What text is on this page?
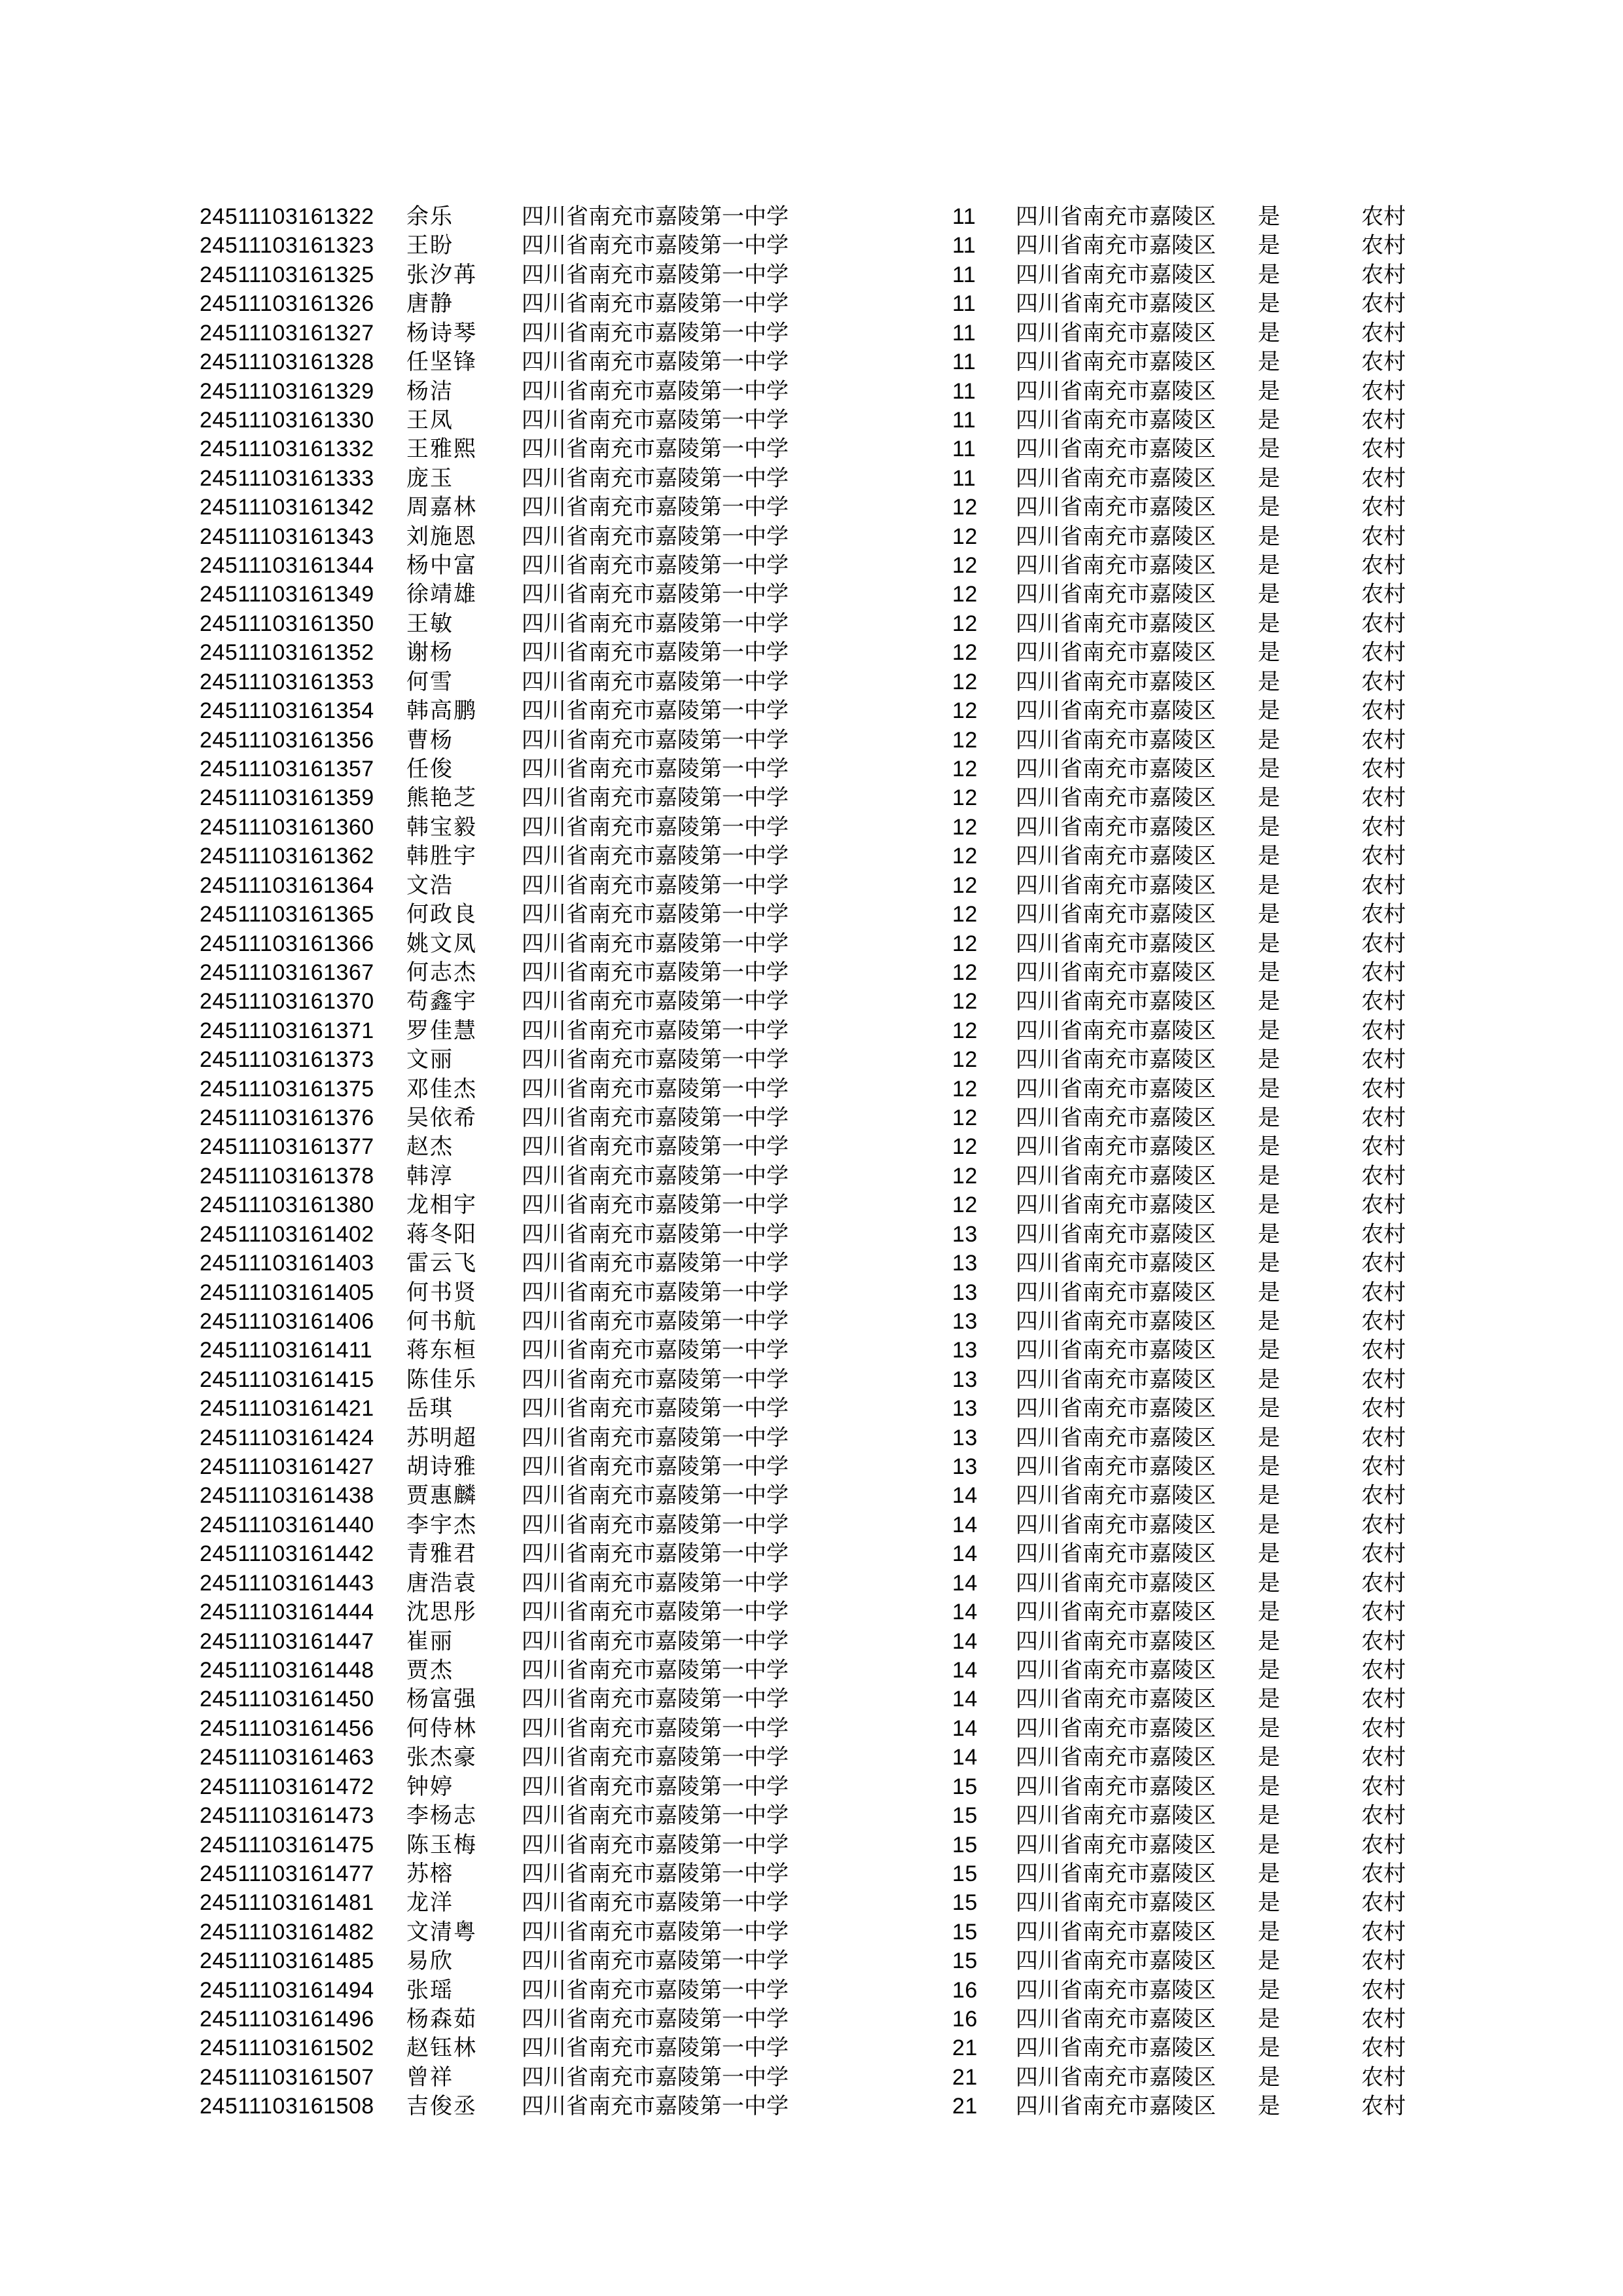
24511103161322 余乐	四川省南充市嘉陵第一中学	11 四川省南充市嘉陵区 是	农村
24511103161323 王盼	四川省南充市嘉陵第一中学	11 四川省南充市嘉陵区 是	农村
24511103161325 张汐苒 四川省南充市嘉陵第一中学	11 四川省南充市嘉陵区 是	农村
24511103161326 唐静	四川省南充市嘉陵第一中学	11 四川省南充市嘉陵区 是	农村
24511103161327 杨诗琴 四川省南充市嘉陵第一中学	11 四川省南充市嘉陵区 是	农村
24511103161328 任坚锋 四川省南充市嘉陵第一中学	11 四川省南充市嘉陵区 是	农村
24511103161329 杨洁	四川省南充市嘉陵第一中学	11 四川省南充市嘉陵区 是	农村
24511103161330 王凤	四川省南充市嘉陵第一中学	11 四川省南充市嘉陵区 是	农村
24511103161332 王雅熙 四川省南充市嘉陵第一中学	11 四川省南充市嘉陵区 是	农村
24511103161333 庞玉	四川省南充市嘉陵第一中学	11 四川省南充市嘉陵区 是	农村
24511103161342 周嘉林 四川省南充市嘉陵第一中学	12 四川省南充市嘉陵区 是	农村
24511103161343 刘施恩 四川省南充市嘉陵第一中学	12 四川省南充市嘉陵区 是	农村
24511103161344 杨中富 四川省南充市嘉陵第一中学	12 四川省南充市嘉陵区 是	农村
24511103161349 徐靖雄 四川省南充市嘉陵第一中学	12 四川省南充市嘉陵区 是	农村
24511103161350 王敏	四川省南充市嘉陵第一中学	12 四川省南充市嘉陵区 是	农村
24511103161352 谢杨	四川省南充市嘉陵第一中学	12 四川省南充市嘉陵区 是	农村
24511103161353 何雪	四川省南充市嘉陵第一中学	12 四川省南充市嘉陵区 是	农村
24511103161354 韩高鹏 四川省南充市嘉陵第一中学	12 四川省南充市嘉陵区 是	农村
24511103161356 曹杨	四川省南充市嘉陵第一中学	12 四川省南充市嘉陵区 是	农村
24511103161357 任俊	四川省南充市嘉陵第一中学	12 四川省南充市嘉陵区 是	农村
24511103161359 熊艳芝 四川省南充市嘉陵第一中学	12 四川省南充市嘉陵区 是	农村
24511103161360 韩宝毅 四川省南充市嘉陵第一中学	12 四川省南充市嘉陵区 是	农村
24511103161362 韩胜宇 四川省南充市嘉陵第一中学	12 四川省南充市嘉陵区 是	农村
24511103161364 文浩	四川省南充市嘉陵第一中学	12 四川省南充市嘉陵区 是	农村
24511103161365 何政良 四川省南充市嘉陵第一中学	12 四川省南充市嘉陵区 是	农村
24511103161366 姚文凤 四川省南充市嘉陵第一中学	12 四川省南充市嘉陵区 是	农村
24511103161367 何志杰 四川省南充市嘉陵第一中学	12 四川省南充市嘉陵区 是	农村
24511103161370 苟鑫宇 四川省南充市嘉陵第一中学	12 四川省南充市嘉陵区 是	农村
24511103161371 罗佳慧 四川省南充市嘉陵第一中学	12 四川省南充市嘉陵区 是	农村
24511103161373 文丽	四川省南充市嘉陵第一中学	12 四川省南充市嘉陵区 是	农村
24511103161375 邓佳杰 四川省南充市嘉陵第一中学	12 四川省南充市嘉陵区 是	农村
24511103161376 吴依希 四川省南充市嘉陵第一中学	12 四川省南充市嘉陵区 是	农村
24511103161377 赵杰	四川省南充市嘉陵第一中学	12 四川省南充市嘉陵区 是	农村
24511103161378 韩淳	四川省南充市嘉陵第一中学	12 四川省南充市嘉陵区 是	农村
24511103161380 龙相宇 四川省南充市嘉陵第一中学	12 四川省南充市嘉陵区 是	农村
24511103161402 蒋冬阳 四川省南充市嘉陵第一中学	13 四川省南充市嘉陵区 是	农村
24511103161403 雷云飞 四川省南充市嘉陵第一中学	13 四川省南充市嘉陵区 是	农村
24511103161405 何书贤 四川省南充市嘉陵第一中学	13 四川省南充市嘉陵区 是	农村
24511103161406 何书航 四川省南充市嘉陵第一中学	13 四川省南充市嘉陵区 是	农村
24511103161411 蒋东桓 四川省南充市嘉陵第一中学	13 四川省南充市嘉陵区 是	农村
24511103161415 陈佳乐 四川省南充市嘉陵第一中学	13 四川省南充市嘉陵区 是	农村
24511103161421 岳琪	四川省南充市嘉陵第一中学	13 四川省南充市嘉陵区 是	农村
24511103161424 苏明超 四川省南充市嘉陵第一中学	13 四川省南充市嘉陵区 是	农村
24511103161427 胡诗雅 四川省南充市嘉陵第一中学	13 四川省南充市嘉陵区 是	农村
24511103161438 贾惠麟 四川省南充市嘉陵第一中学	14 四川省南充市嘉陵区 是	农村
24511103161440 李宇杰 四川省南充市嘉陵第一中学	14 四川省南充市嘉陵区 是	农村
24511103161442 青雅君 四川省南充市嘉陵第一中学	14 四川省南充市嘉陵区 是	农村
24511103161443 唐浩袁 四川省南充市嘉陵第一中学	14 四川省南充市嘉陵区 是	农村
24511103161444 沈思彤 四川省南充市嘉陵第一中学	14 四川省南充市嘉陵区 是	农村
24511103161447 崔丽	四川省南充市嘉陵第一中学	14 四川省南充市嘉陵区 是	农村
24511103161448 贾杰	四川省南充市嘉陵第一中学	14 四川省南充市嘉陵区 是	农村
24511103161450 杨富强 四川省南充市嘉陵第一中学	14 四川省南充市嘉陵区 是	农村
24511103161456 何侍林 四川省南充市嘉陵第一中学	14 四川省南充市嘉陵区 是	农村
24511103161463 张杰豪 四川省南充市嘉陵第一中学	14 四川省南充市嘉陵区 是	农村
24511103161472 钟婷	四川省南充市嘉陵第一中学	15 四川省南充市嘉陵区 是	农村
24511103161473 李杨志 四川省南充市嘉陵第一中学	15 四川省南充市嘉陵区 是	农村
24511103161475 陈玉梅 四川省南充市嘉陵第一中学	15 四川省南充市嘉陵区 是	农村
24511103161477 苏榕	四川省南充市嘉陵第一中学	15 四川省南充市嘉陵区 是	农村
24511103161481 龙洋	四川省南充市嘉陵第一中学	15 四川省南充市嘉陵区 是	农村
24511103161482 文清粤 四川省南充市嘉陵第一中学	15 四川省南充市嘉陵区 是	农村
24511103161485 易欣	四川省南充市嘉陵第一中学	15 四川省南充市嘉陵区 是	农村
24511103161494 张瑶	四川省南充市嘉陵第一中学	16 四川省南充市嘉陵区 是	农村
24511103161496 杨森茹 四川省南充市嘉陵第一中学	16 四川省南充市嘉陵区 是	农村
24511103161502 赵钰林 四川省南充市嘉陵第一中学	21 四川省南充市嘉陵区 是	农村
24511103161507 曾祥	四川省南充市嘉陵第一中学	21 四川省南充市嘉陵区 是	农村
24511103161508 吉俊丞 四川省南充市嘉陵第一中学	21 四川省南充市嘉陵区 是	农村
